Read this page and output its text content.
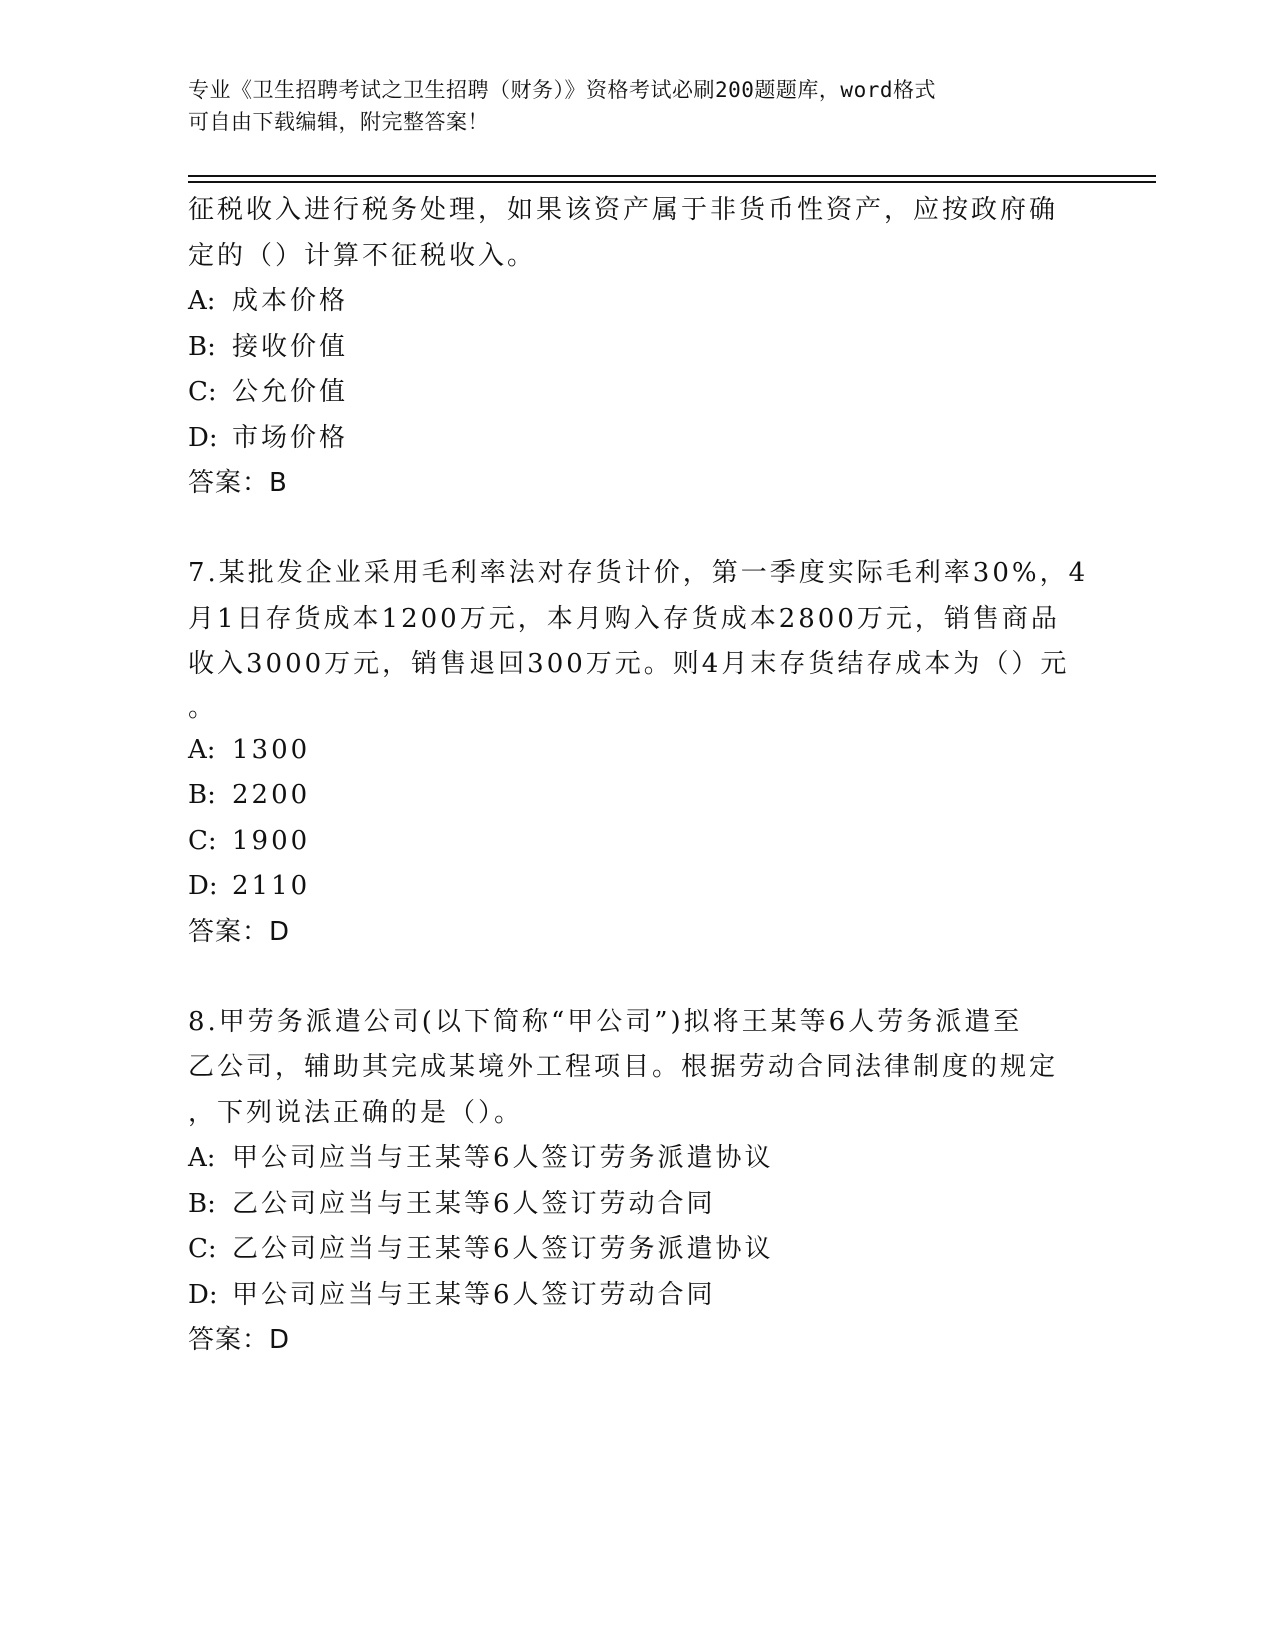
专业《卫生招聘考试之卫生招聘（财务）》资格考试必刷200题题库，word格式
可自由下载编辑，附完整答案！
征税收入进行税务处理，如果该资产属于非货币性资产，应按政府确
定的（）计算不征税收入。
A: 成本价格
B: 接收价值
C: 公允价值
D: 市场价格
答案：B
7.某批发企业采用毛利率法对存货计价，第一季度实际毛利率30%，4
月1日存货成本1200万元，本月购入存货成本2800万元，销售商品
收入3000万元，销售退回300万元。则4月末存货结存成本为（）元
。
A: 1300
B: 2200
C: 1900
D: 2110
答案：D
8.甲劳务派遣公司(以下简称“甲公司”)拟将王某等6人劳务派遣至
乙公司，辅助其完成某境外工程项目。根据劳动合同法律制度的规定
，下列说法正确的是（）。
A: 甲公司应当与王某等6人签订劳务派遣协议
B: 乙公司应当与王某等6人签订劳动合同
C: 乙公司应当与王某等6人签订劳务派遣协议
D: 甲公司应当与王某等6人签订劳动合同
答案：D
